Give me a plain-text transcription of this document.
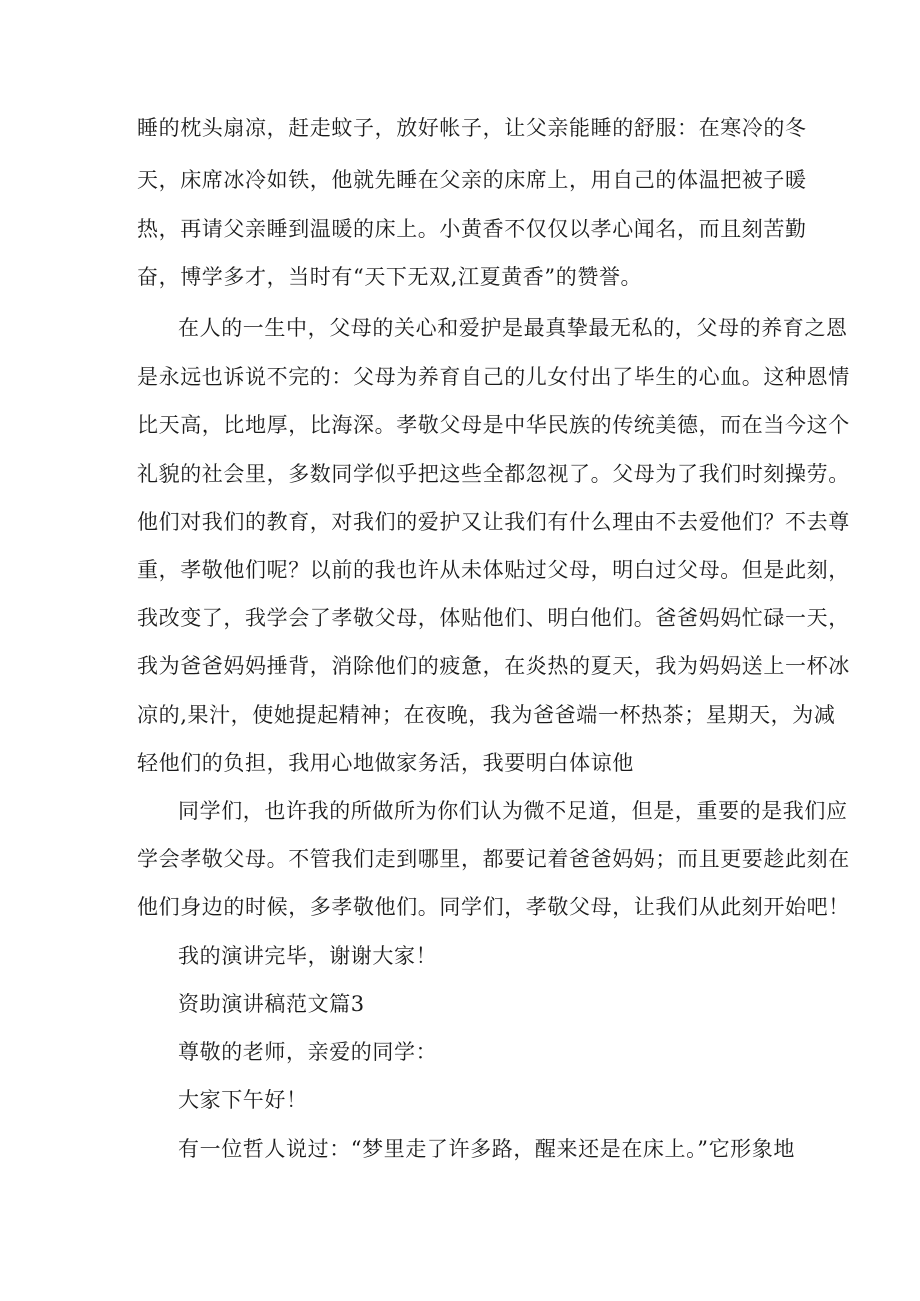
睡的枕头扇凉，赶走蚊子，放好帐子，让父亲能睡的舒服：在寒冷的冬
天，床席冰冷如铁，他就先睡在父亲的床席上，用自己的体温把被子暖
热，再请父亲睡到温暖的床上。小黄香不仅仅以孝心闻名，而且刻苦勤
奋，博学多才，当时有“天下无双,江夏黄香”的赞誉。
在人的一生中，父母的关心和爱护是最真挚最无私的，父母的养育之恩
是永远也诉说不完的：父母为养育自己的儿女付出了毕生的心血。这种恩情
比天高，比地厚，比海深。孝敬父母是中华民族的传统美德，而在当今这个
礼貌的社会里，多数同学似乎把这些全都忽视了。父母为了我们时刻操劳。
他们对我们的教育，对我们的爱护又让我们有什么理由不去爱他们？不去尊
重，孝敬他们呢？以前的我也许从未体贴过父母，明白过父母。但是此刻，
我改变了，我学会了孝敬父母，体贴他们、明白他们。爸爸妈妈忙碌一天，
我为爸爸妈妈捶背，消除他们的疲惫，在炎热的夏天，我为妈妈送上一杯冰
凉的,果汁，使她提起精神；在夜晚，我为爸爸端一杯热茶；星期天，为减
轻他们的负担，我用心地做家务活，我要明白体谅他
同学们，也许我的所做所为你们认为微不足道，但是，重要的是我们应
学会孝敬父母。不管我们走到哪里，都要记着爸爸妈妈；而且更要趁此刻在
他们身边的时候，多孝敬他们。同学们，孝敬父母，让我们从此刻开始吧！
我的演讲完毕，谢谢大家！
资助演讲稿范文篇3
尊敬的老师，亲爱的同学：
大家下午好！
有一位哲人说过：“梦里走了许多路，醒来还是在床上。”它形象地
